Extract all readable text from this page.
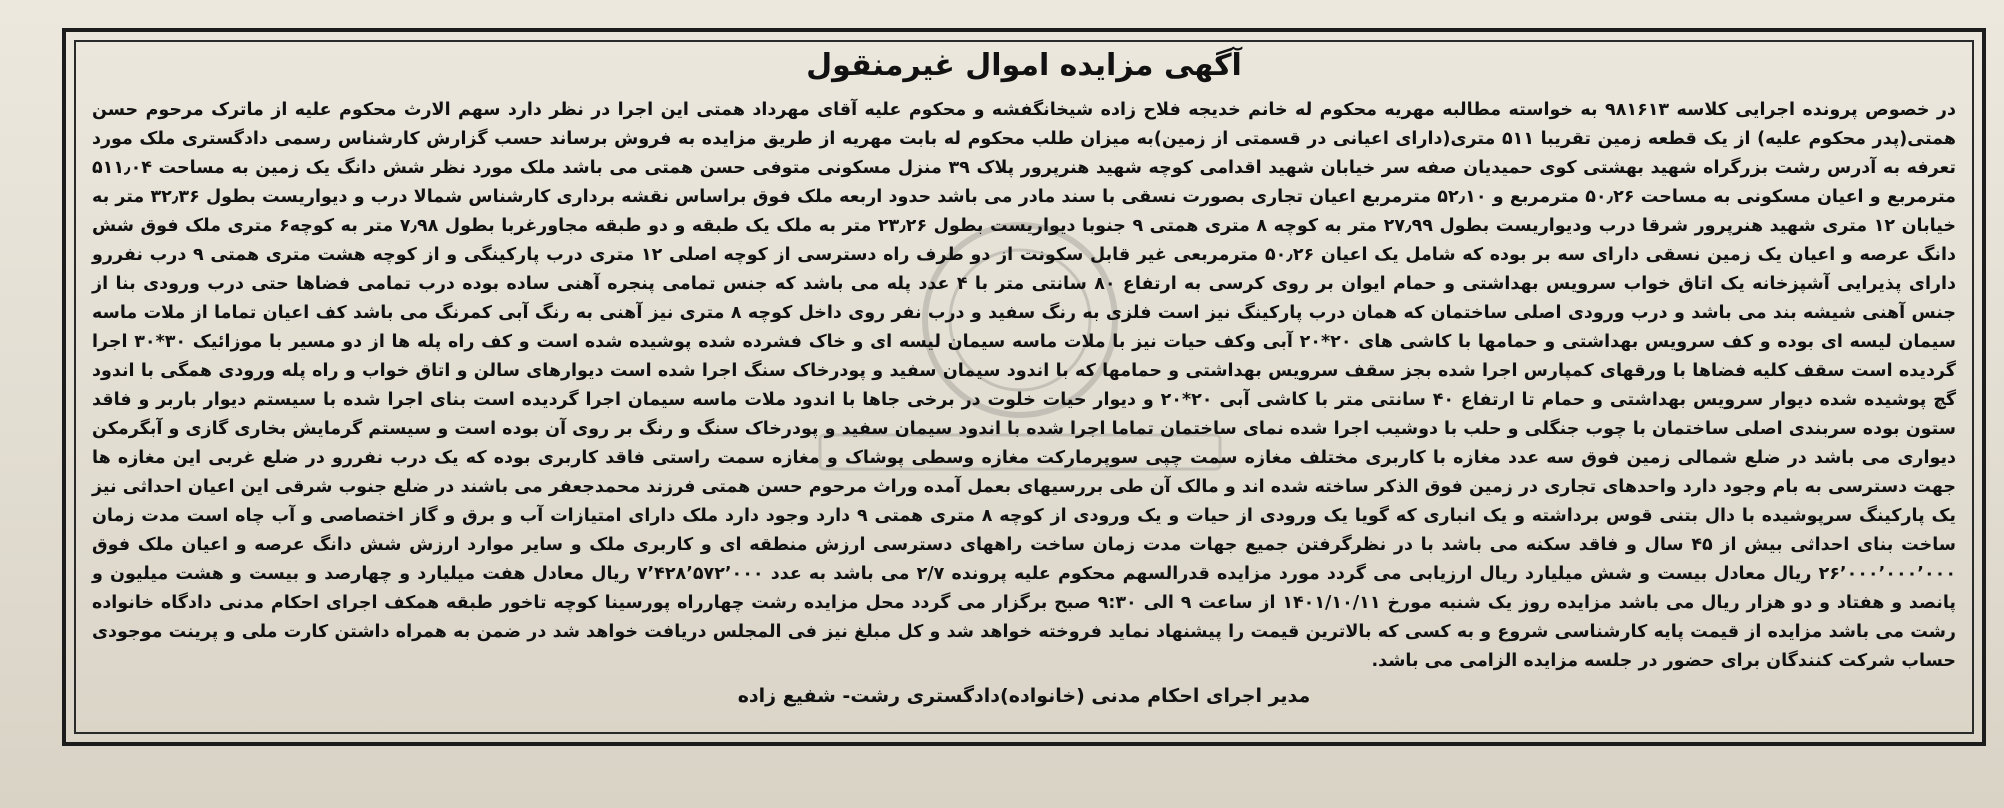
آگهی مزایده اموال غیرمنقول

در خصوص پرونده اجرایی کلاسه ۹۸۱۶۱۳ به خواسته مطالبه مهریه محکوم له خانم خدیجه فلاح زاده شیخانگفشه و محکوم علیه آقای مهرداد همتی این اجرا در نظر دارد سهم الارث محکوم علیه از ماترک مرحوم حسن همتی(پدر محکوم علیه) از یک قطعه زمین تقریبا ۵۱۱ متری(دارای اعیانی در قسمتی از زمین)به میزان طلب محکوم له بابت مهریه از طریق مزایده به فروش برساند حسب گزارش کارشناس رسمی دادگستری ملک مورد تعرفه به آدرس رشت بزرگراه شهید بهشتی کوی حمیدیان صفه سر خیابان شهید اقدامی کوچه شهید هنرپرور پلاک ۳۹ منزل مسکونی متوفی حسن همتی می باشد ملک مورد نظر شش دانگ یک زمین به مساحت ۵۱۱٫۰۴ مترمربع و اعیان مسکونی به مساحت ۵۰٫۲۶ مترمربع و ۵۲٫۱۰ مترمربع اعیان تجاری بصورت نسقی با سند مادر می باشد حدود اربعه ملک فوق براساس نقشه برداری کارشناس شمالا درب و دیواریست بطول ۳۲٫۳۶ متر به خیابان ۱۲ متری شهید هنرپرور شرقا درب ودیواریست بطول ۲۷٫۹۹ متر به کوچه ۸ متری همتی ۹ جنوبا دیواریست بطول ۲۳٫۲۶ متر به ملک یک طبقه و دو طبقه مجاورغربا بطول ۷٫۹۸ متر به کوچه۶ متری ملک فوق شش دانگ عرصه و اعیان یک زمین نسقی دارای سه بر بوده که شامل یک اعیان ۵۰٫۲۶ مترمربعی غیر قابل سکونت از دو طرف راه دسترسی از کوچه اصلی ۱۲ متری درب پارکینگی و از کوچه هشت متری همتی ۹ درب نفررو دارای پذیرایی آشپزخانه یک اتاق خواب سرویس بهداشتی و حمام ایوان بر روی کرسی به ارتفاع ۸۰ سانتی متر با ۴ عدد پله می باشد که جنس تمامی پنجره آهنی ساده بوده درب تمامی فضاها حتی درب ورودی بنا از جنس آهنی شیشه بند می باشد و درب ورودی اصلی ساختمان که همان درب پارکینگ نیز است فلزی به رنگ سفید و درب نفر روی داخل کوچه ۸ متری نیز آهنی به رنگ آبی کمرنگ می باشد کف اعیان تماما از ملات ماسه سیمان لیسه ای بوده و کف سرویس بهداشتی و حمامها با کاشی های ۲۰*۲۰ آبی وکف حیات نیز با ملات ماسه سیمان لیسه ای و خاک فشرده شده پوشیده شده است و کف راه پله ها از دو مسیر با موزائیک ۳۰*۳۰ اجرا گردیده است سقف کلیه فضاها با ورقهای کمپارس اجرا شده بجز سقف سرویس بهداشتی و حمامها که با اندود سیمان سفید و پودرخاک سنگ اجرا شده است دیوارهای سالن و اتاق خواب و راه پله ورودی همگی با اندود گچ پوشیده شده دیوار سرویس بهداشتی و حمام تا ارتفاع ۴۰ سانتی متر با کاشی آبی ۲۰*۲۰ و دیوار حیات خلوت در برخی جاها با اندود ملات ماسه سیمان اجرا گردیده است بنای اجرا شده با سیستم دیوار باربر و فاقد ستون بوده سربندی اصلی ساختمان با چوب جنگلی و حلب با دوشیب اجرا شده نمای ساختمان تماما اجرا شده با اندود سیمان سفید و پودرخاک سنگ و رنگ بر روی آن بوده است و سیستم گرمایش بخاری گازی و آبگرمکن دیواری می باشد در ضلع شمالی زمین فوق سه عدد مغازه با کاربری مختلف مغازه سمت چپی سوپرمارکت مغازه وسطی پوشاک و مغازه سمت راستی فاقد کاربری بوده که یک درب نفررو در ضلع غربی این مغازه ها جهت دسترسی به بام وجود دارد واحدهای تجاری در زمین فوق الذکر ساخته شده اند و مالک آن طی بررسیهای بعمل آمده وراث مرحوم حسن همتی فرزند محمدجعفر می باشند در ضلع جنوب شرقی این اعیان احداثی نیز یک پارکینگ سرپوشیده با دال بتنی قوس برداشته و یک انباری که گویا یک ورودی از حیات و یک ورودی از کوچه ۸ متری همتی ۹ دارد وجود دارد ملک دارای امتیازات آب و برق و گاز اختصاصی و آب چاه است مدت زمان ساخت بنای احداثی بیش از ۴۵ سال و فاقد سکنه می باشد با در نظرگرفتن جمیع جهات مدت زمان ساخت راههای دسترسی ارزش منطقه ای و کاربری ملک و سایر موارد ارزش شش دانگ عرصه و اعیان ملک فوق ۲۶٬۰۰۰٬۰۰۰٬۰۰۰ ریال معادل بیست و شش میلیارد ریال ارزیابی می گردد مورد مزایده قدرالسهم محکوم علیه پرونده ۲/۷ می باشد به عدد ۷٬۴۲۸٬۵۷۲٬۰۰۰ ریال معادل هفت میلیارد و چهارصد و بیست و هشت میلیون و پانصد و هفتاد و دو هزار ریال می باشد مزایده روز یک شنبه مورخ ۱۴۰۱/۱۰/۱۱ از ساعت ۹ الی ۹:۳۰ صبح برگزار می گردد محل مزایده رشت چهارراه پورسینا کوچه تاخور طبقه همکف اجرای احکام مدنی دادگاه خانواده رشت می باشد مزایده از قیمت پایه کارشناسی شروع و به کسی که بالاترین قیمت را پیشنهاد نماید فروخته خواهد شد و کل مبلغ نیز فی المجلس دریافت خواهد شد در ضمن به همراه داشتن کارت ملی و پرینت موجودی حساب شرکت کنندگان برای حضور در جلسه مزایده الزامی می باشد.

مدیر اجرای احکام مدنی (خانواده)دادگستری رشت- شفیع زاده
